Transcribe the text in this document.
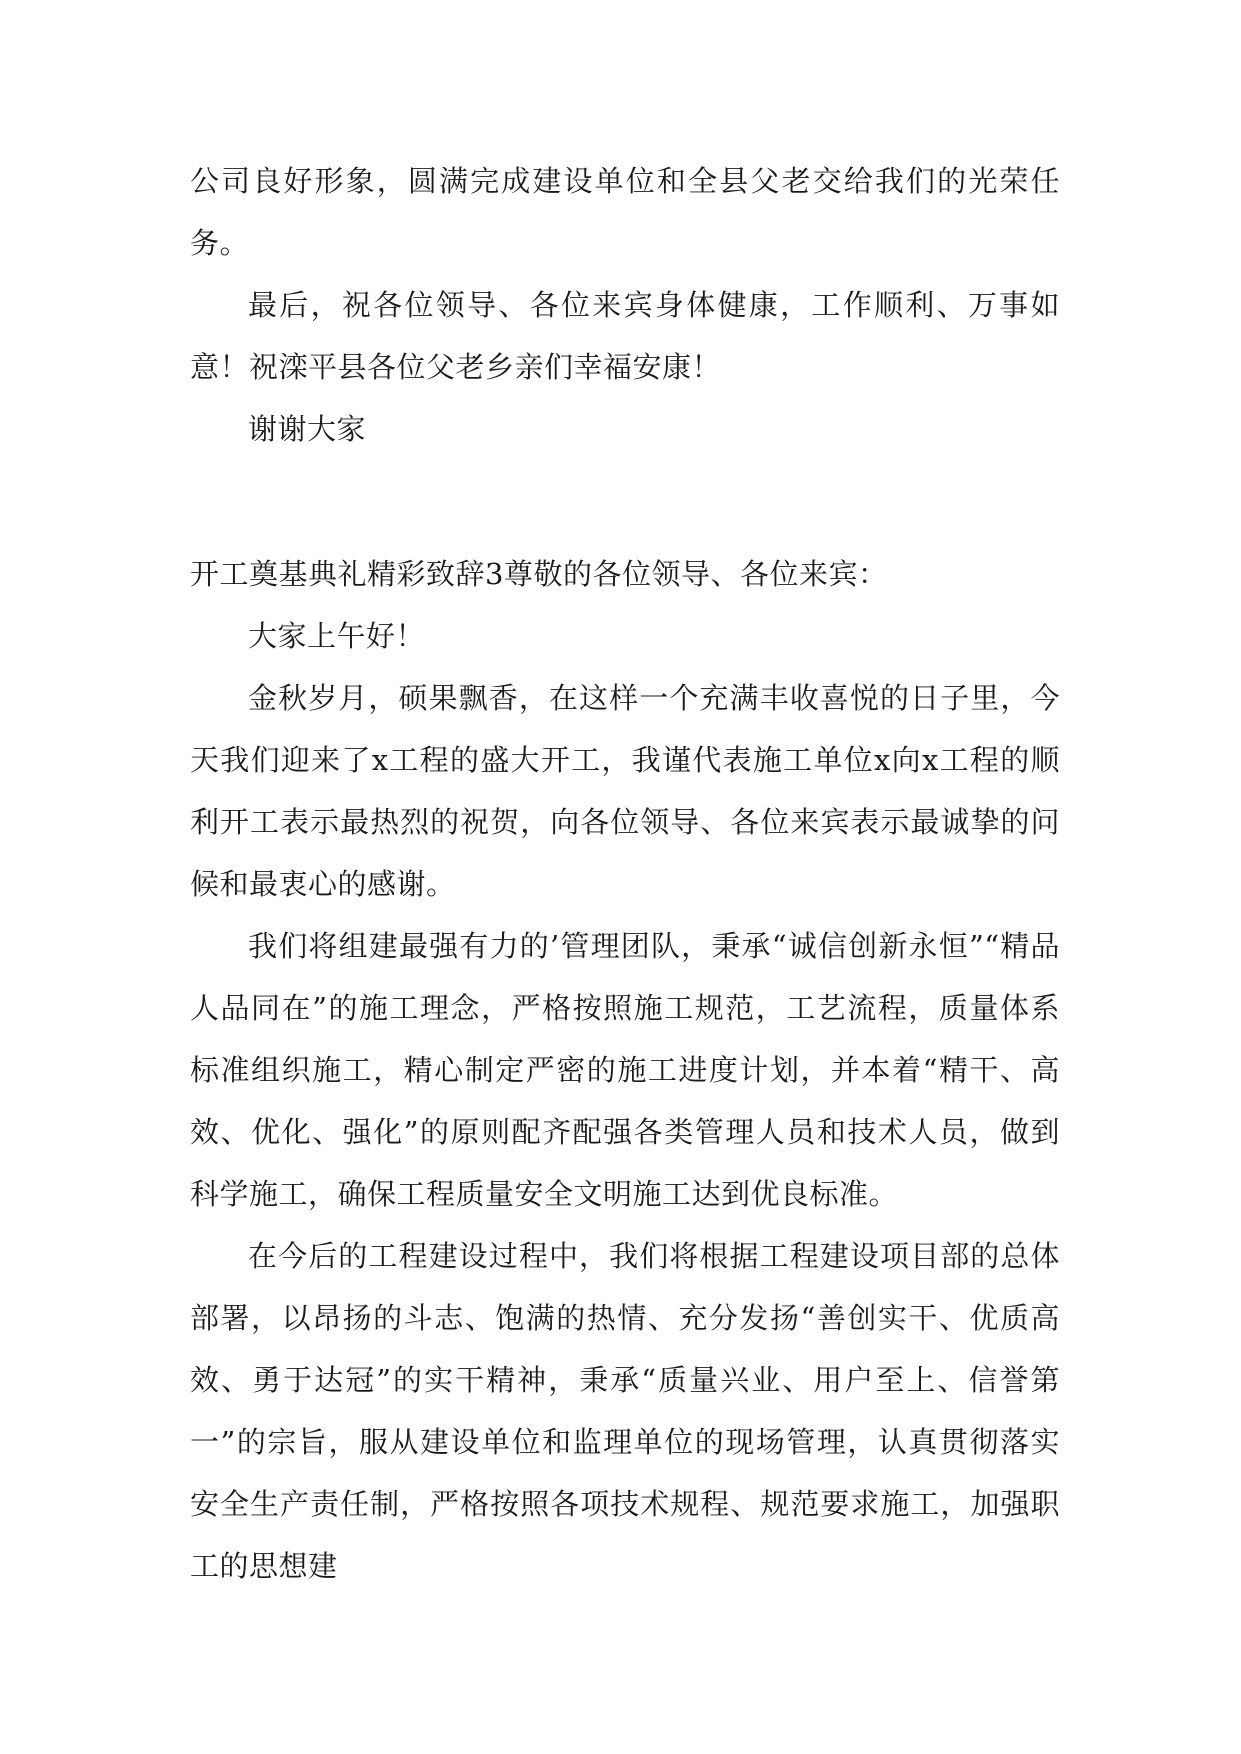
公司良好形象，圆满完成建设单位和全县父老交给我们的光荣任务。

最后，祝各位领导、各位来宾身体健康，工作顺利、万事如意！祝滦平县各位父老乡亲们幸福安康！

谢谢大家

开工奠基典礼精彩致辞3尊敬的各位领导、各位来宾：

大家上午好！

金秋岁月，硕果飘香，在这样一个充满丰收喜悦的日子里，今天我们迎来了x工程的盛大开工，我谨代表施工单位x向x工程的顺利开工表示最热烈的祝贺，向各位领导、各位来宾表示最诚挚的问候和最衷心的感谢。

我们将组建最强有力的’管理团队，秉承“诚信创新永恒”“精品人品同在”的施工理念，严格按照施工规范，工艺流程，质量体系标准组织施工，精心制定严密的施工进度计划，并本着“精干、高效、优化、强化”的原则配齐配强各类管理人员和技术人员，做到科学施工，确保工程质量安全文明施工达到优良标准。

在今后的工程建设过程中，我们将根据工程建设项目部的总体部署，以昂扬的斗志、饱满的热情、充分发扬“善创实干、优质高效、勇于达冠”的实干精神，秉承“质量兴业、用户至上、信誉第一”的宗旨，服从建设单位和监理单位的现场管理，认真贯彻落实安全生产责任制，严格按照各项技术规程、规范要求施工，加强职工的思想建
